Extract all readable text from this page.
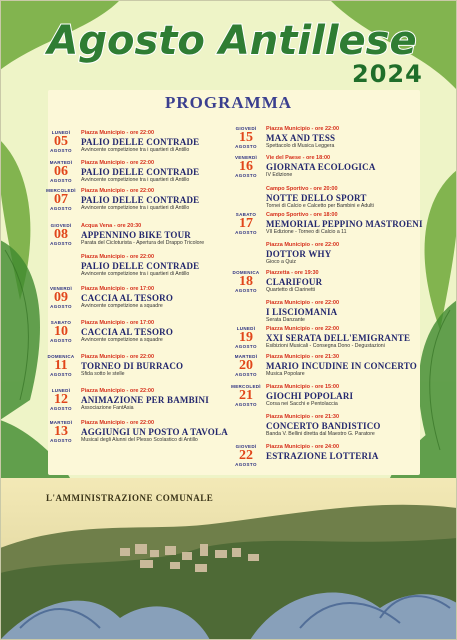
Agosto Antillese
2024
PROGRAMMA
LUNEDÌ
05
AGOSTO
Piazza Municipio - ore 22:00
PALIO DELLE CONTRADE
Avvincente competizione tra i quartieri di Antillo
MARTEDÌ
06
AGOSTO
Piazza Municipio - ore 22:00
PALIO DELLE CONTRADE
Avvincente competizione tra i quartieri di Antillo
MERCOLEDÌ
07
AGOSTO
Piazza Municipio - ore 22:00
PALIO DELLE CONTRADE
Avvincente competizione tra i quartieri di Antillo
GIOVEDÌ
08
AGOSTO
Acqua Vena - ore 20:30
APPENNINO BIKE TOUR
Parata del Cicloturista - Apertura del Drappo Tricolore
Piazza Municipio - ore 22:00
PALIO DELLE CONTRADE
Avvincente competizione tra i quartieri di Antillo
VENERDÌ
09
AGOSTO
Piazza Municipio - ore 17:00
CACCIA AL TESORO
Avvincente competizione a squadre
SABATO
10
AGOSTO
Piazza Municipio - ore 17:00
CACCIA AL TESORO
Avvincente competizione a squadre
DOMENICA
11
AGOSTO
Piazza Municipio - ore 22:00
TORNEO DI BURRACO
Sfida sotto le stelle
LUNEDÌ
12
AGOSTO
Piazza Municipio - ore 22:00
ANIMAZIONE PER BAMBINI
Associazione FantAsia
MARTEDÌ
13
AGOSTO
Piazza Municipio - ore 22:00
AGGIUNGI UN POSTO A TAVOLA
Musical degli Alunni del Plesso Scolastico di Antillo
GIOVEDÌ
15
AGOSTO
Piazza Municipio - ore 22:00
MAX AND TESS
Spettacolo di Musica Leggera
VENERDÌ
16
AGOSTO
Vie del Paese - ore 18:00
GIORNATA ECOLOGICA
IV Edizione
Campo Sportivo - ore 20:00
NOTTE DELLO SPORT
Tornei di Calcio e Calcetto per Bambini e Adulti
SABATO
17
AGOSTO
Campo Sportivo - ore 18:00
MEMORIAL PEPPINO MASTROENI
VII Edizione - Torneo di Calcio a 11
Piazza Municipio - ore 22:00
DOTTOR WHY
Gioco a Quiz
DOMENICA
18
AGOSTO
Piazzetta - ore 19:30
CLARIFOUR
Quartetto di Clarinetti
Piazza Municipio - ore 22:00
I LISCIOMANIA
Serata Danzante
LUNEDÌ
19
AGOSTO
Piazza Municipio - ore 22:00
XXI SERATA DELL'EMIGRANTE
Esibizioni Musicali - Consegna Dono - Degustazioni
MARTEDÌ
20
AGOSTO
Piazza Municipio - ore 21:30
MARIO INCUDINE IN CONCERTO
Musica Popolare
MERCOLEDÌ
21
AGOSTO
Piazza Municipio - ore 15:00
GIOCHI POPOLARI
Corsa nei Sacchi e Pentolaccia
Piazza Municipio - ore 21:30
CONCERTO BANDISTICO
Banda V. Bellini diretta dal Maestro G. Paratore
GIOVEDÌ
22
AGOSTO
Piazza Municipio - ore 24:00
ESTRAZIONE LOTTERIA
L'AMMINISTRAZIONE COMUNALE
